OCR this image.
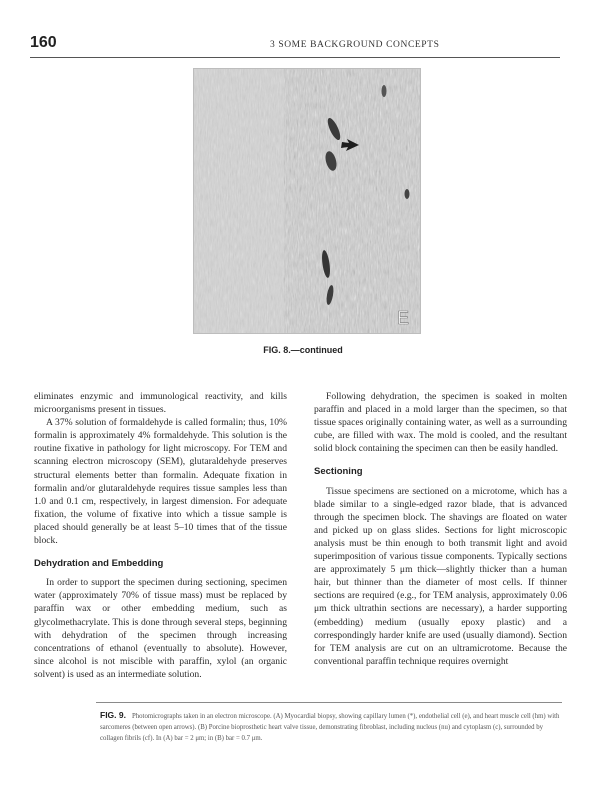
160	3 SOME BACKGROUND CONCEPTS
E
FIG. 8.—continued

eliminates enzymic and immunological reactivity, and kills microorganisms present in tissues.

A 37% solution of formaldehyde is called formalin; thus, 10% formalin is approximately 4% formaldehyde. This solution is the routine fixative in pathology for light microscopy. For TEM and scanning electron microscopy (SEM), glutaraldehyde preserves structural elements better than formalin. Adequate fixation in formalin and/or glutaraldehyde requires tissue samples less than 1.0 and 0.1 cm, respectively, in largest dimension. For adequate fixation, the volume of fixative into which a tissue sample is placed should generally be at least 5–10 times that of the tissue block.

Dehydration and Embedding

In order to support the specimen during sectioning, specimen water (approximately 70% of tissue mass) must be replaced by paraffin wax or other embedding medium, such as glycolmethacrylate. This is done through several steps, beginning with dehydration of the specimen through increasing concentrations of ethanol (eventually to absolute). However, since alcohol is not miscible with paraffin, xylol (an organic solvent) is used as an intermediate solution.

Following dehydration, the specimen is soaked in molten paraffin and placed in a mold larger than the specimen, so that tissue spaces originally containing water, as well as a surrounding cube, are filled with wax. The mold is cooled, and the resultant solid block containing the specimen can then be easily handled.

Sectioning

Tissue specimens are sectioned on a microtome, which has a blade similar to a single-edged razor blade, that is advanced through the specimen block. The shavings are floated on water and picked up on glass slides. Sections for light microscopic analysis must be thin enough to both transmit light and avoid superimposition of various tissue components. Typically sections are approximately 5 μm thick—slightly thicker than a human hair, but thinner than the diameter of most cells. If thinner sections are required (e.g., for TEM analysis, approximately 0.06 μm thick ultrathin sections are necessary), a harder supporting (embedding) medium (usually epoxy plastic) and a correspondingly harder knife are used (usually diamond). Section for TEM analysis are cut on an ultramicrotome. Because the conventional paraffin technique requires overnight

FIG. 9. Photomicrographs taken in an electron microscope. (A) Myocardial biopsy, showing capillary lumen (*), endothelial cell (e), and heart muscle cell (hm) with sarcomeres (between open arrows). (B) Porcine bioprosthetic heart valve tissue, demonstrating fibroblast, including nucleus (nu) and cytoplasm (c), surrounded by collagen fibrils (cf). In (A) bar = 2 μm; in (B) bar = 0.7 μm.
